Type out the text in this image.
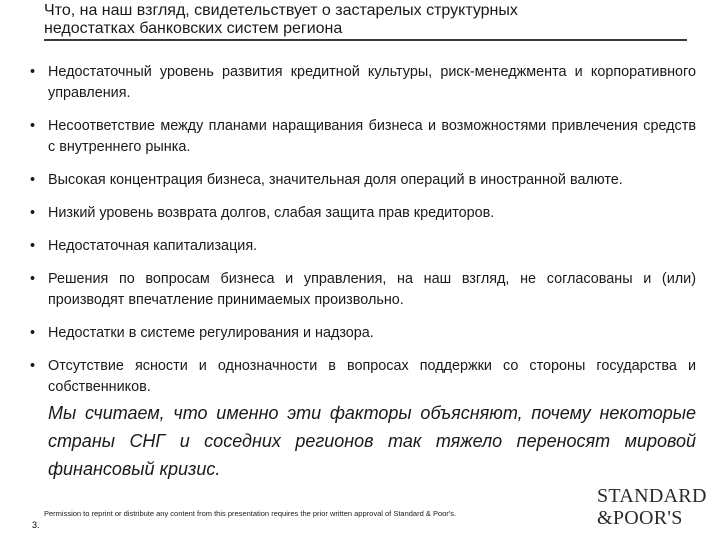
Что, на наш взгляд, свидетельствует о застарелых структурных
недостатках банковских систем региона
• Недостаточный уровень развития кредитной культуры, риск-менеджмента и корпоративного управления.
• Несоответствие между планами наращивания бизнеса и возможностями привлечения средств с внутреннего рынка.
• Высокая концентрация бизнеса, значительная доля операций в иностранной валюте.
• Низкий уровень возврата долгов, слабая защита прав кредиторов.
• Недостаточная капитализация.
• Решения по вопросам бизнеса и управления, на наш взгляд, не согласованы и (или) производят впечатление принимаемых произвольно.
• Недостатки в системе регулирования и надзора.
• Отсутствие ясности и однозначности в вопросах поддержки со стороны государства и собственников.

Мы считаем, что именно эти факторы объясняют, почему некоторые страны СНГ и соседних регионов так тяжело переносят мировой финансовый кризис.

3.
Permission to reprint or distribute any content from this presentation requires the prior written approval of Standard & Poor's.
STANDARD
&POOR'S
